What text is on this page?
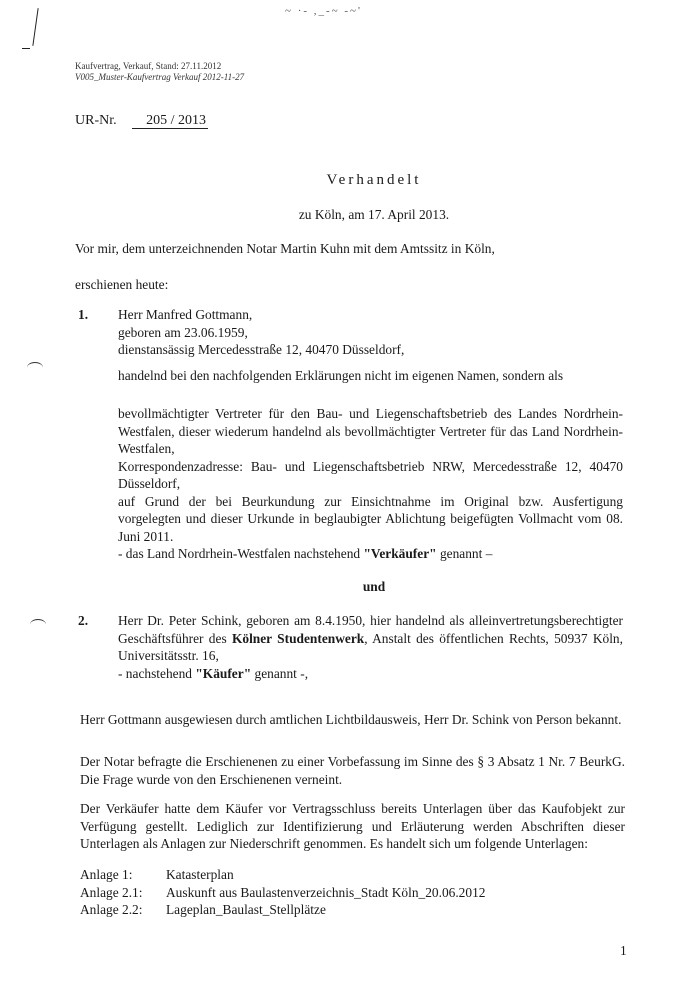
~ ·- ,_-~ -~'
Kaufvertrag, Verkauf, Stand: 27.11.2012
V005_Muster-Kaufvertrag Verkauf 2012-11-27
UR-Nr. 205 / 2013
Verhandelt
zu Köln, am 17. April 2013.
Vor mir, dem unterzeichnenden Notar Martin Kuhn mit dem Amtssitz in Köln,
erschienen heute:
1. Herr Manfred Gottmann,
geboren am 23.06.1959,
dienstansässig Mercedesstraße 12, 40470 Düsseldorf,
handelnd bei den nachfolgenden Erklärungen nicht im eigenen Namen, sondern als
bevollmächtigter Vertreter für den Bau- und Liegenschaftsbetrieb des Landes Nordrhein-Westfalen, dieser wiederum handelnd als bevollmächtigter Vertreter für das Land Nordrhein-Westfalen,
Korrespondenzadresse: Bau- und Liegenschaftsbetrieb NRW, Mercedesstraße 12, 40470 Düsseldorf,
auf Grund der bei Beurkundung zur Einsichtnahme im Original bzw. Ausfertigung vorgelegten und dieser Urkunde in beglaubigter Ablichtung beigefügten Vollmacht vom 08. Juni 2011.
- das Land Nordrhein-Westfalen nachstehend "Verkäufer" genannt –
und
2. Herr Dr. Peter Schink, geboren am 8.4.1950, hier handelnd als alleinvertretungsberechtigter Geschäftsführer des Kölner Studentenwerk, Anstalt des öffentlichen Rechts, 50937 Köln, Universitätsstr. 16,
- nachstehend "Käufer" genannt -,
Herr Gottmann ausgewiesen durch amtlichen Lichtbildausweis, Herr Dr. Schink von Person bekannt.
Der Notar befragte die Erschienenen zu einer Vorbefassung im Sinne des § 3 Absatz 1 Nr. 7 BeurkG. Die Frage wurde von den Erschienenen verneint.
Der Verkäufer hatte dem Käufer vor Vertragsschluss bereits Unterlagen über das Kaufobjekt zur Verfügung gestellt. Lediglich zur Identifizierung und Erläuterung werden Abschriften dieser Unterlagen als Anlagen zur Niederschrift genommen. Es handelt sich um folgende Unterlagen:
Anlage 1:	Katasterplan
Anlage 2.1:	Auskunft aus Baulastenverzeichnis_Stadt Köln_20.06.2012
Anlage 2.2:	Lageplan_Baulast_Stellplätze
1
